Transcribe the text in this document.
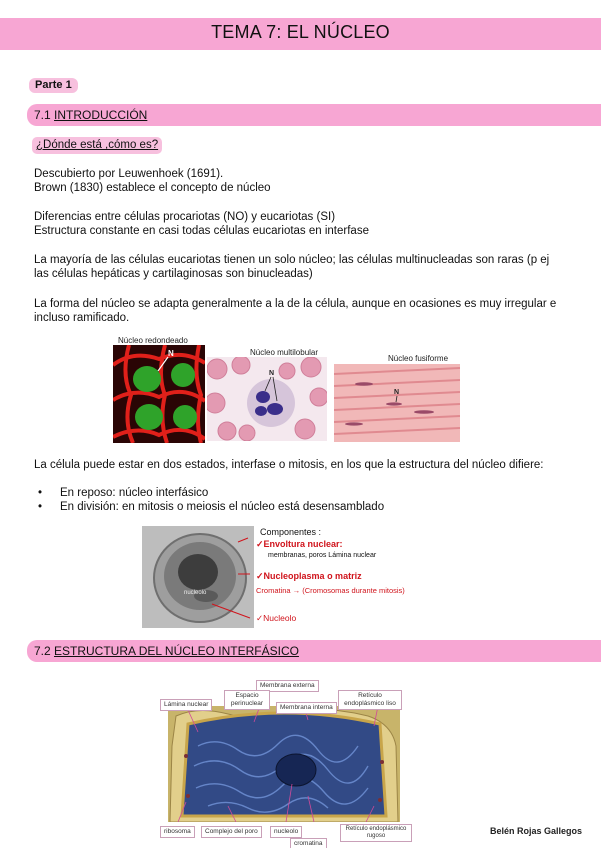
TEMA 7: EL NÚCLEO
Parte 1
7.1 INTRODUCCIÓN
¿Dónde está ,cómo es?
Descubierto por Leuwenhoek (1691).
Brown (1830) establece el concepto de núcleo
Diferencias entre células procariotas (NO) y eucariotas (SI)
Estructura constante en casi todas células eucariotas en interfase
La mayoría de las células eucariotas tienen un solo núcleo; las células multinucleadas son raras (p ej las células hepáticas y cartilaginosas son binucleadas)
La forma del núcleo se adapta generalmente a la de la célula, aunque en ocasiones es muy irregular e incluso ramificado.
Núcleo redondeado
Núcleo multilobular
Núcleo fusiforme
N
N
N
La célula puede estar en dos estados, interfase o mitosis, en los que la estructura del núcleo difiere:
• En reposo: núcleo interfásico
• En división: en mitosis o meiosis el núcleo está desensamblado
nucleolo
Componentes :
✓Envoltura nuclear:
membranas, poros Lámina nuclear
✓Nucleoplasma o matriz
Cromatina → (Cromosomas durante mitosis)
✓Nucleolo
7.2 ESTRUCTURA DEL NÚCLEO INTERFÁSICO
Membrana externa
Espacio perinuclear
Lámina nuclear	Membrana interna
Retículo endoplásmico liso
ribosoma	Complejo del poro	nucleolo
cromatina
Retículo endoplásmico rugoso	Belén Rojas Gallegos
